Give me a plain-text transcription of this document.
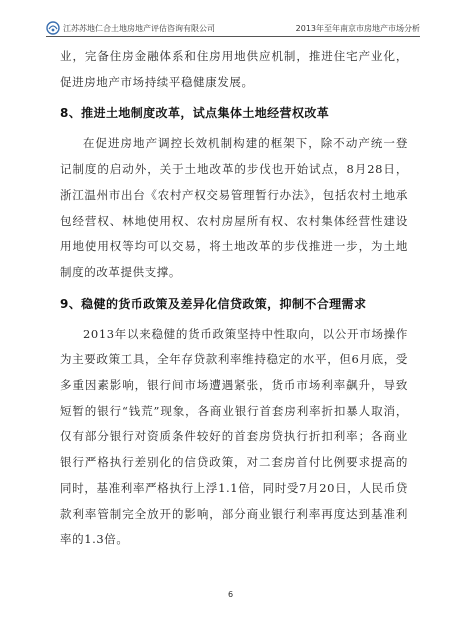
江苏苏地仁合土地房地产评估咨询有限公司	2013年至年南京市房地产市场分析

业，完备住房金融体系和住房用地供应机制，推进住宅产业化，促进房地产市场持续平稳健康发展。

8、推进土地制度改革，试点集体土地经营权改革

在促进房地产调控长效机制构建的框架下，除不动产统一登记制度的启动外，关于土地改革的步伐也开始试点，8月28日，浙江温州市出台《农村产权交易管理暂行办法》，包括农村土地承包经营权、林地使用权、农村房屋所有权、农村集体经营性建设用地使用权等均可以交易，将土地改革的步伐推进一步，为土地制度的改革提供支撑。

9、稳健的货币政策及差异化信贷政策，抑制不合理需求

2013年以来稳健的货币政策坚持中性取向，以公开市场操作为主要政策工具，全年存贷款利率维持稳定的水平，但6月底，受多重因素影响，银行间市场遭遇紧张，货币市场利率飙升，导致短暂的银行“钱荒”现象，各商业银行首套房利率折扣暴人取消，仅有部分银行对资质条件较好的首套房贷执行折扣利率；各商业银行严格执行差别化的信贷政策，对二套房首付比例要求提高的同时，基准利率严格执行上浮1.1倍，同时受7月20日，人民币贷款利率管制完全放开的影响，部分商业银行利率再度达到基准利率的1.3倍。

6
